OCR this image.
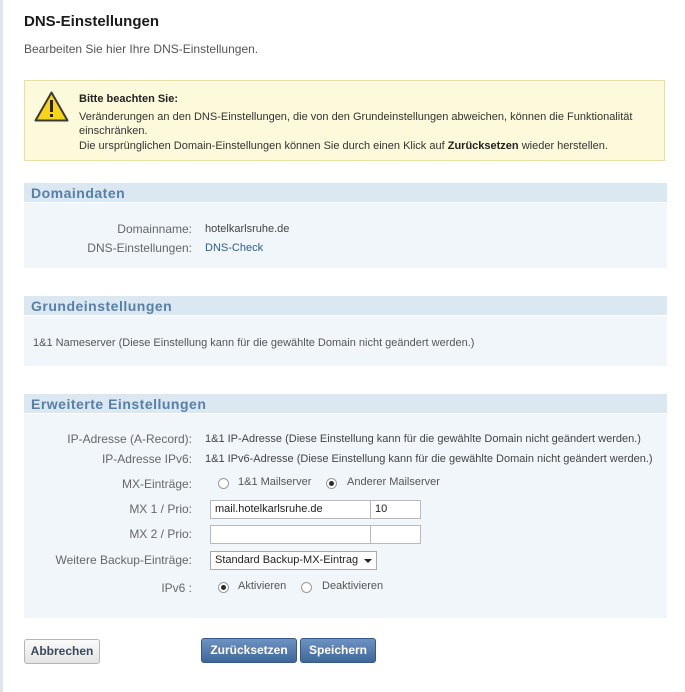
DNS-Einstellungen
Bearbeiten Sie hier Ihre DNS-Einstellungen.
Bitte beachten Sie:
Veränderungen an den DNS-Einstellungen, die von den Grundeinstellungen abweichen, können die Funktionalität einschränken.
Die ursprünglichen Domain-Einstellungen können Sie durch einen Klick auf Zurücksetzen wieder herstellen.
Domaindaten
Domainname: hotelkarlsruhe.de
DNS-Einstellungen: DNS-Check
Grundeinstellungen
1&1 Nameserver (Diese Einstellung kann für die gewählte Domain nicht geändert werden.)
Erweiterte Einstellungen
IP-Adresse (A-Record): 1&1 IP-Adresse (Diese Einstellung kann für die gewählte Domain nicht geändert werden.)
IP-Adresse IPv6: 1&1 IPv6-Adresse (Diese Einstellung kann für die gewählte Domain nicht geändert werden.)
MX-Einträge:	1&1 Mailserver	Anderer Mailserver
MX 1 / Prio:	mail.hotelkarlsruhe.de	10
MX 2 / Prio:
Weitere Backup-Einträge:	Standard Backup-MX-Eintrag
IPv6 :	Aktivieren	Deaktivieren
Abbrechen	Zurücksetzen	Speichern
